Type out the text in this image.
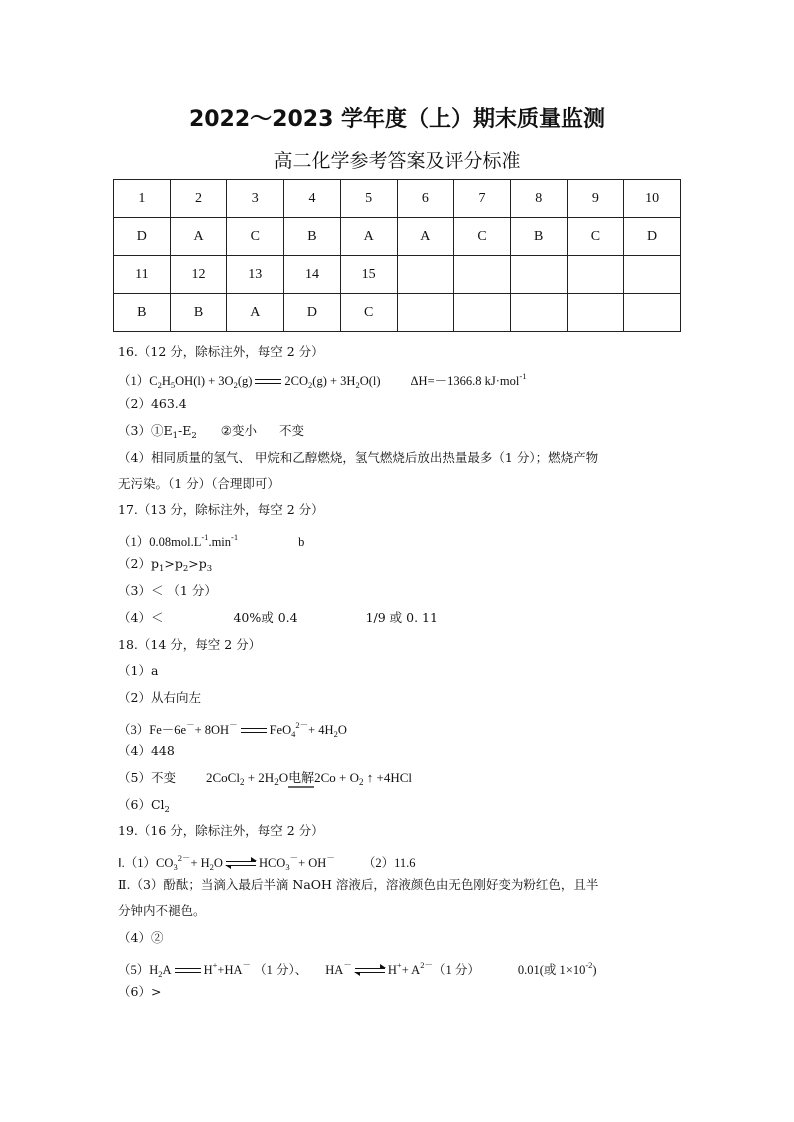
2022～2023 学年度（上）期末质量监测
高二化学参考答案及评分标准
1	2	3	4	5	6	7	8	9	10
D	A	C	B	A	A	C	B	C	D
11	12	13	14	15					
B	B	A	D	C					
16.（12 分，除标注外，每空 2 分）
$(1)C_2H_5OH(l) + 3O_2(g)$	$2CO_2(g) + 3H_2O(l)$ ΔH=－1366.8 kJ·mol$^{-1}$
（2）463.4
$(3)①E_1-E_2$ ②变小 不变
（4）相同质量的氢气、 甲烷和乙醇燃烧，氢气燃烧后放出热量最多（1 分）；燃烧产物
无污染。（1 分）（合理即可）
17.（13 分，除标注外，每空 2 分）
$(1)0.08mol.L^{-1}.\min^{-1}$	b
$(2)p_1>p_2>p_3$
（3）＜ （1 分）
（4）＜	40%或 0.4	1/9 或 0. 11
18.（14 分，每空 2 分）
（1）a
（2）从右向左
（3）Fe－6e－+ 8OH－	$FeO_4^{2-}+ 4H_2O$
（4）448
（5）不变 2CoCl$_2$ + $2H_2O$电解$2Co + O_2$ ↑ +4HCl
$(6)Cl_2$
19.（16 分，除标注外，每空 2 分）
$Ⅰ.(1)CO_3^{2-}+ H_2O$	$HCO_3^-+ OH^-$ （2）11.6
Ⅱ.（3）酚酞；当滴入最后半滴 NaOH 溶液后，溶液颜色由无色刚好变为粉红色，且半
分钟内不褪色。
（4）②
$(5)H_2A$	H++HA－ （1 分）、 HA－	$H^++ A^{2-}(1$ 分）	0.01(或 $1\times 10^{-2}$)
（6）>
